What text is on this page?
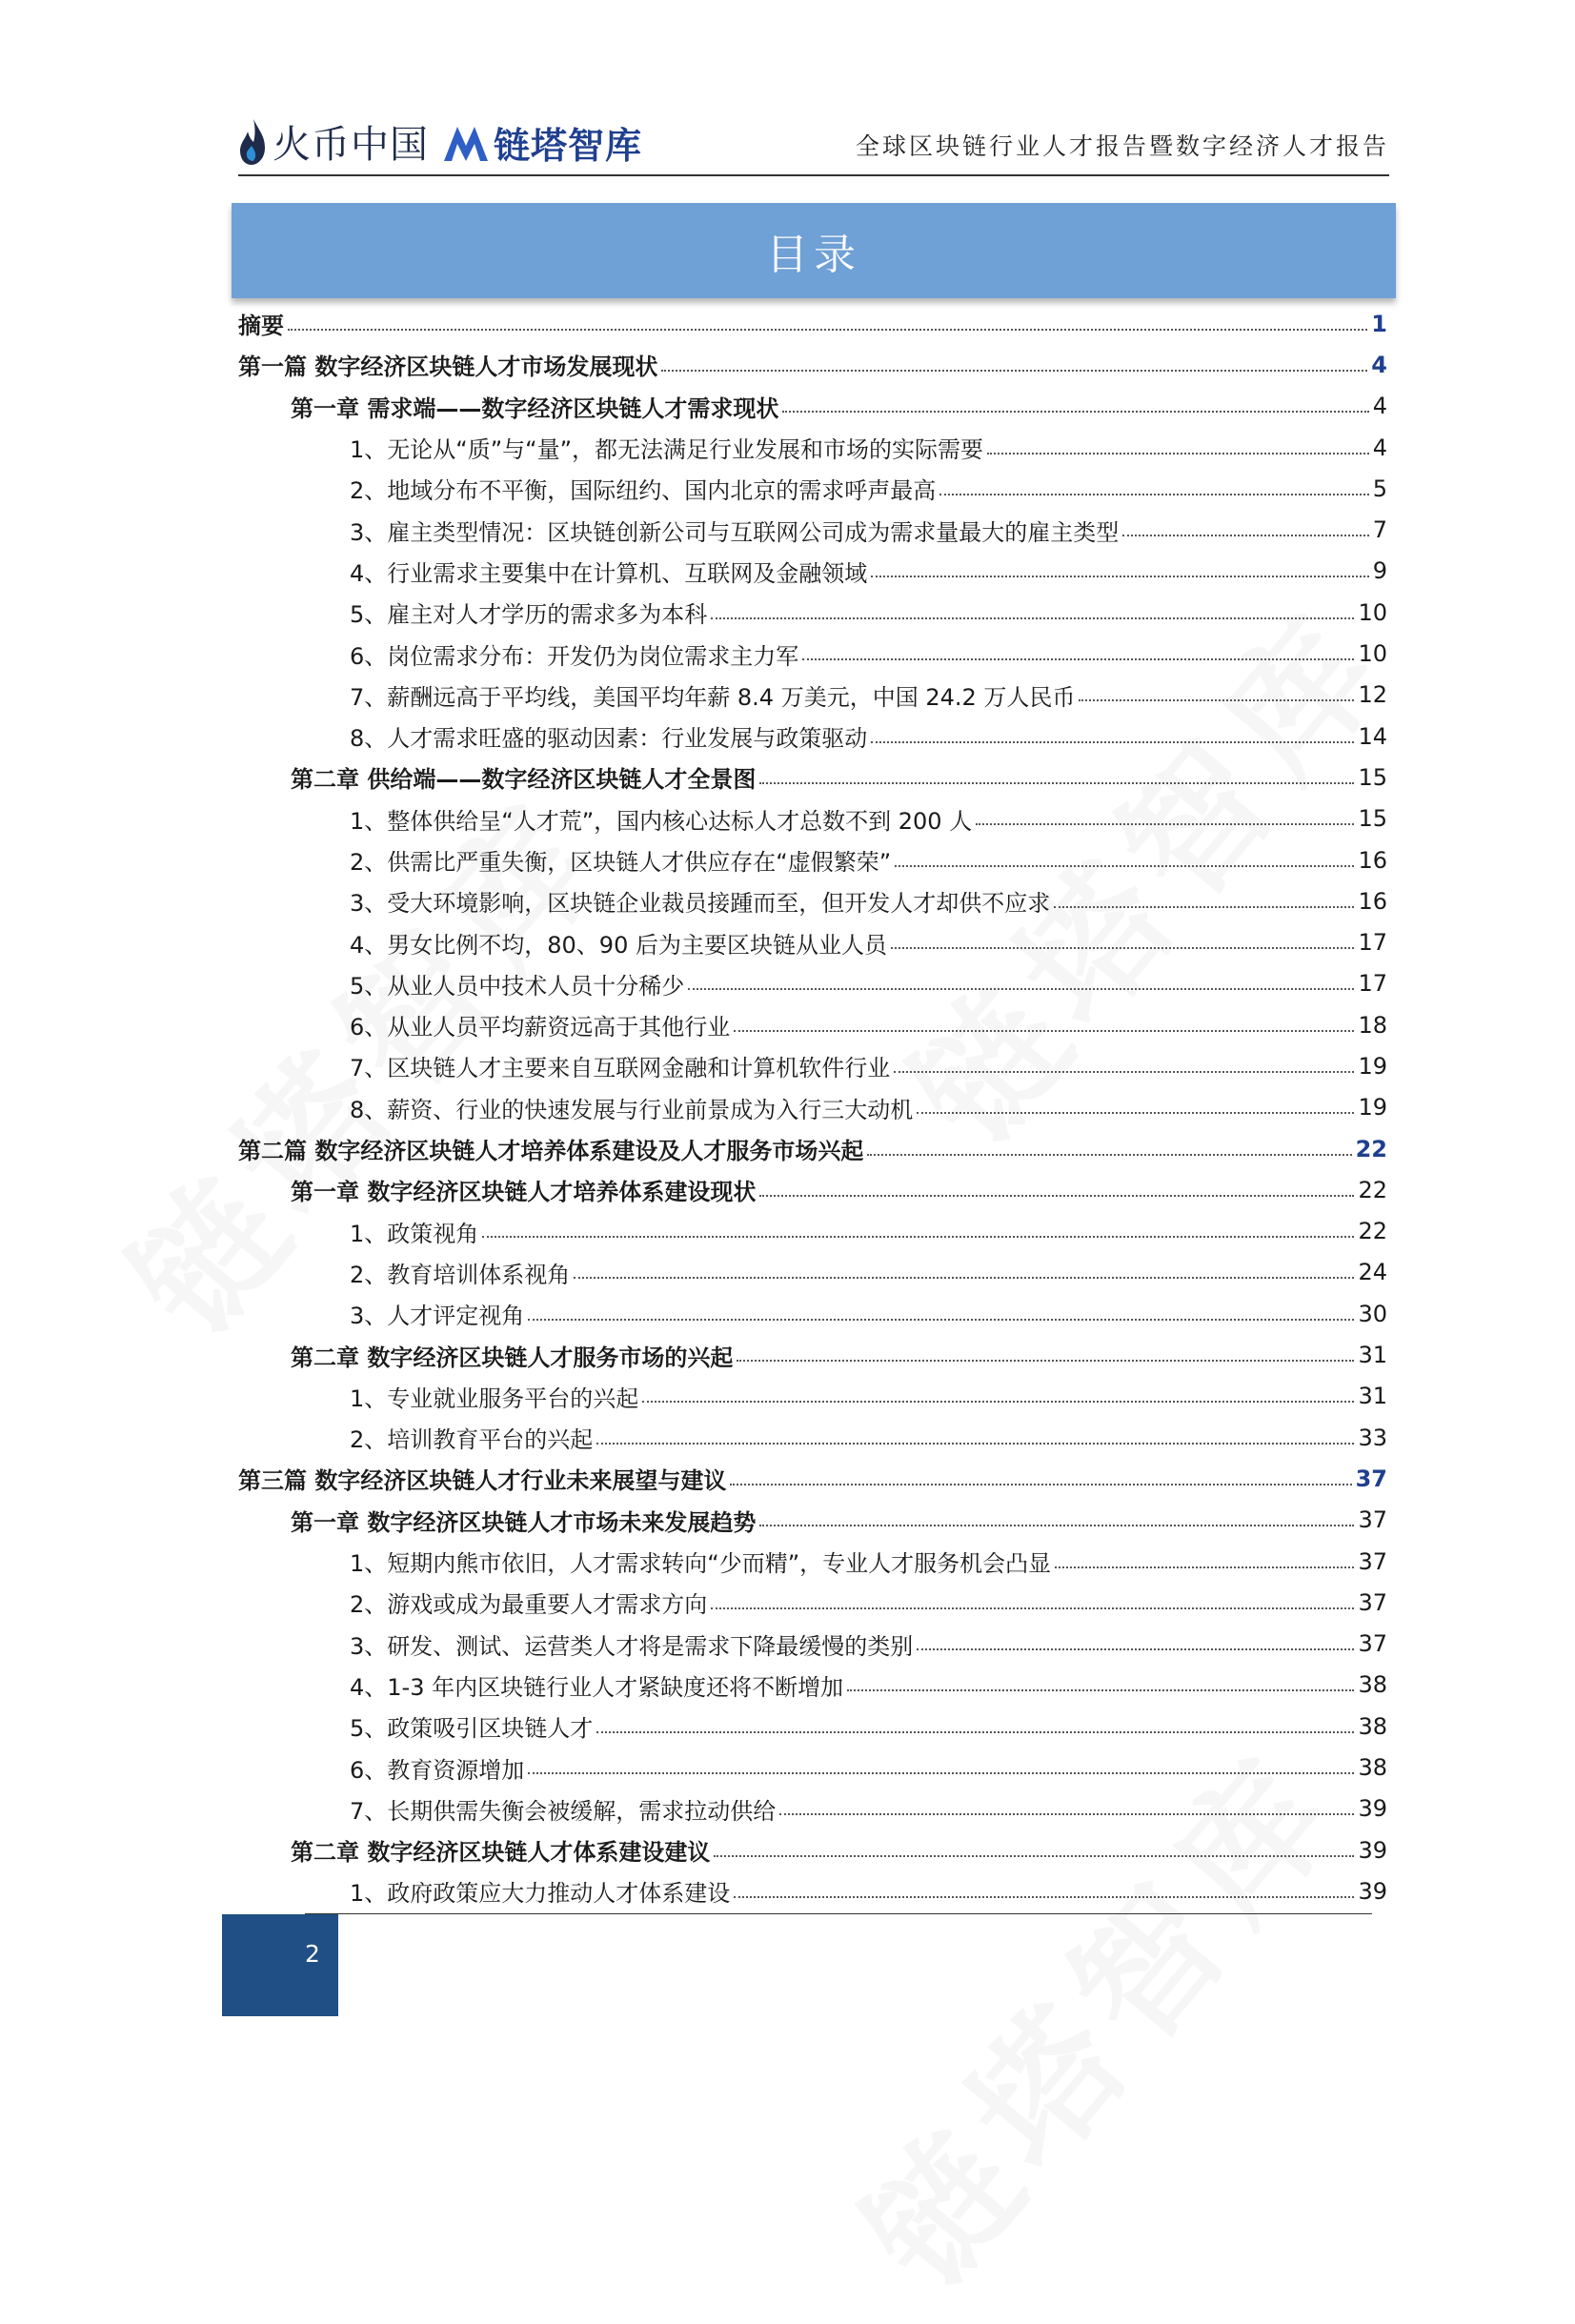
火币中国 链塔智库	全球区块链行业人才报告暨数字经济人才报告
目录
摘要	1
第一篇 数字经济区块链人才市场发展现状	4
第一章 需求端——数字经济区块链人才需求现状	4
1、无论从“质”与“量”，都无法满足行业发展和市场的实际需要	4
2、地域分布不平衡，国际纽约、国内北京的需求呼声最高	5
3、雇主类型情况：区块链创新公司与互联网公司成为需求量最大的雇主类型	7
4、行业需求主要集中在计算机、互联网及金融领域	9
5、雇主对人才学历的需求多为本科	10
6、岗位需求分布：开发仍为岗位需求主力军	10
7、薪酬远高于平均线，美国平均年薪 8.4 万美元，中国 24.2 万人民币	12
8、人才需求旺盛的驱动因素：行业发展与政策驱动	14
第二章 供给端——数字经济区块链人才全景图	15
1、整体供给呈“人才荒”，国内核心达标人才总数不到 200 人	15
2、供需比严重失衡，区块链人才供应存在“虚假繁荣”	16
3、受大环境影响，区块链企业裁员接踵而至，但开发人才却供不应求	16
4、男女比例不均，80、90 后为主要区块链从业人员	17
5、从业人员中技术人员十分稀少	17
6、从业人员平均薪资远高于其他行业	18
7、区块链人才主要来自互联网金融和计算机软件行业	19
8、薪资、行业的快速发展与行业前景成为入行三大动机	19
第二篇 数字经济区块链人才培养体系建设及人才服务市场兴起	22
第一章 数字经济区块链人才培养体系建设现状	22
1、政策视角	22
2、教育培训体系视角	24
3、人才评定视角	30
第二章 数字经济区块链人才服务市场的兴起	31
1、专业就业服务平台的兴起	31
2、培训教育平台的兴起	33
第三篇 数字经济区块链人才行业未来展望与建议	37
第一章 数字经济区块链人才市场未来发展趋势	37
1、短期内熊市依旧，人才需求转向“少而精”，专业人才服务机会凸显	37
2、游戏或成为最重要人才需求方向	37
3、研发、测试、运营类人才将是需求下降最缓慢的类别	37
4、1-3 年内区块链行业人才紧缺度还将不断增加	38
5、政策吸引区块链人才	38
6、教育资源增加	38
7、长期供需失衡会被缓解，需求拉动供给	39
第二章 数字经济区块链人才体系建设建议	39
1、政府政策应大力推动人才体系建设	39
2
